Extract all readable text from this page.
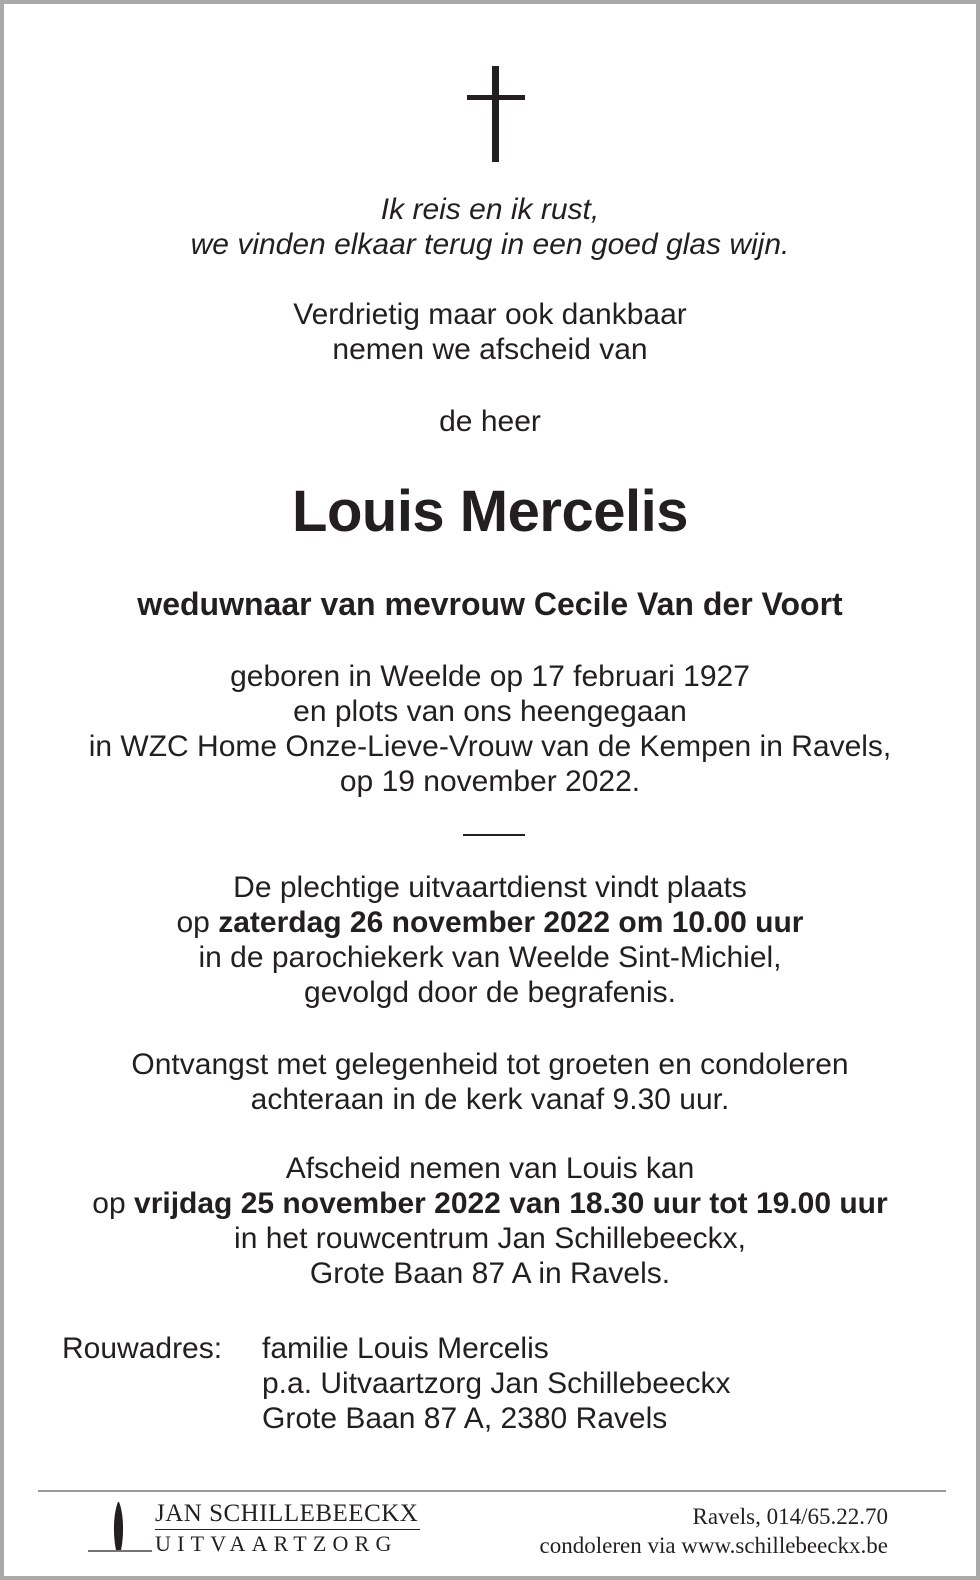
Ik reis en ik rust,
we vinden elkaar terug in een goed glas wijn.
Verdrietig maar ook dankbaar
nemen we afscheid van
de heer
Louis Mercelis
weduwnaar van mevrouw Cecile Van der Voort
geboren in Weelde op 17 februari 1927
en plots van ons heengegaan
in WZC Home Onze-Lieve-Vrouw van de Kempen in Ravels,
op 19 november 2022.
De plechtige uitvaartdienst vindt plaats
op zaterdag 26 november 2022 om 10.00 uur
in de parochiekerk van Weelde Sint-Michiel,
gevolgd door de begrafenis.
Ontvangst met gelegenheid tot groeten en condoleren
achteraan in de kerk vanaf 9.30 uur.
Afscheid nemen van Louis kan
op vrijdag 25 november 2022 van 18.30 uur tot 19.00 uur
in het rouwcentrum Jan Schillebeeckx,
Grote Baan 87 A in Ravels.
Rouwadres: familie Louis Mercelis
p.a. Uitvaartzorg Jan Schillebeeckx
Grote Baan 87 A, 2380 Ravels
JAN SCHILLEBEECKX
UITVAARTZORG
Ravels, 014/65.22.70
condoleren via www.schillebeeckx.be
